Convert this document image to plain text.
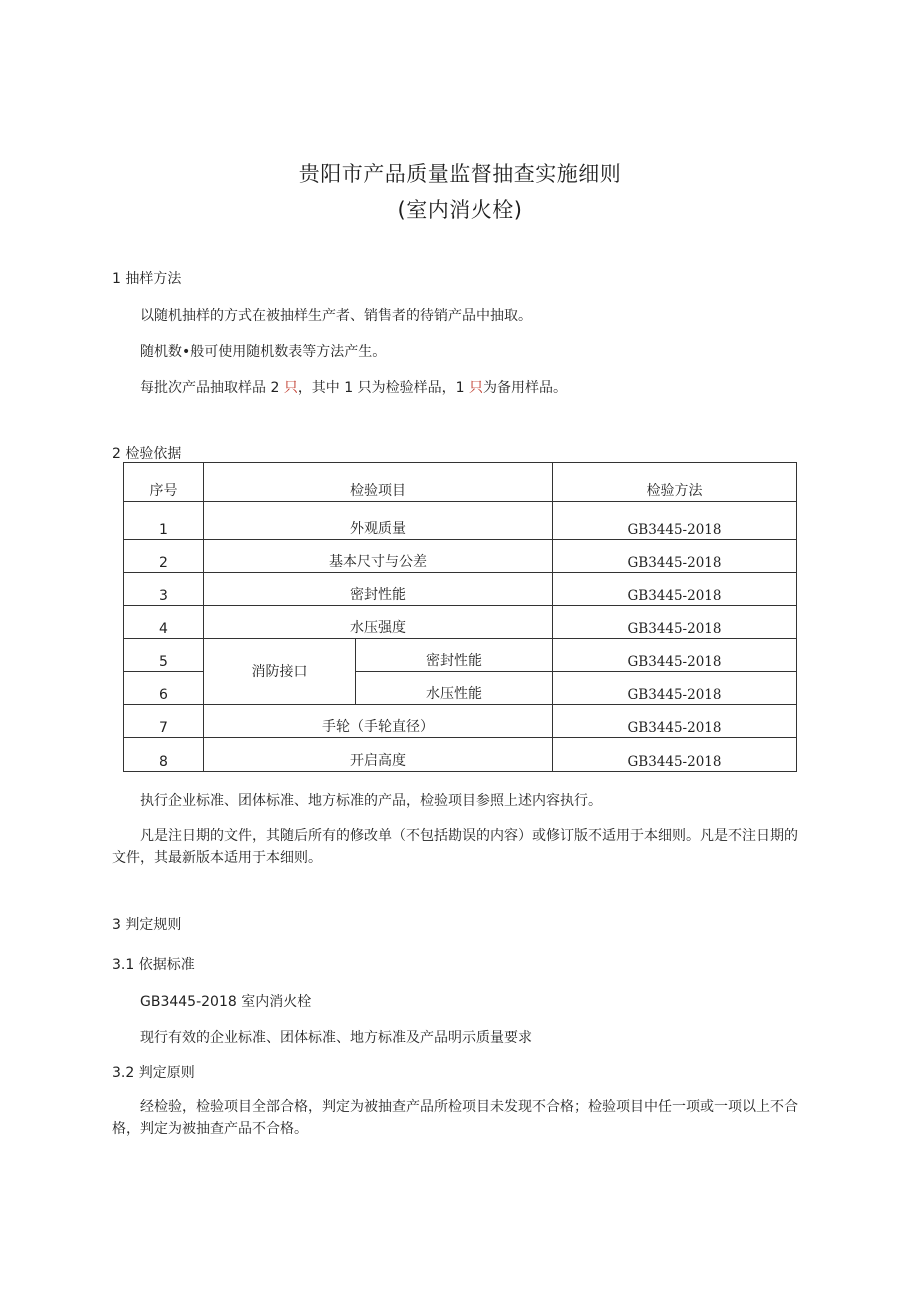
贵阳市产品质量监督抽查实施细则
(室内消火栓)
1 抽样方法
以随机抽样的方式在被抽样生产者、销售者的待销产品中抽取。
随机数•般可使用随机数表等方法产生。
每批次产品抽取样品 2 只，其中 1 只为检验样品，1 只为备用样品。
2 检验依据
序号	检验项目		检验方法
1	外观质量		GB3445-2018
2	基本尺寸与公差		GB3445-2018
3	密封性能		GB3445-2018
4	水压强度		GB3445-2018
5	消防接口	密封性能	GB3445-2018
6		水压性能	GB3445-2018
7	手轮（手轮直径）		GB3445-2018
8	开启高度		GB3445-2018
执行企业标准、团体标准、地方标准的产品，检验项目参照上述内容执行。
凡是注日期的文件，其随后所有的修改单（不包括勘误的内容）或修订版不适用于本细则。凡是不注日期的文件，其最新版本适用于本细则。
3 判定规则
3.1 依据标准
GB3445-2018 室内消火栓
现行有效的企业标准、团体标准、地方标准及产品明示质量要求
3.2 判定原则
经检验，检验项目全部合格，判定为被抽查产品所检项目未发现不合格；检验项目中任一项或一项以上不合格，判定为被抽查产品不合格。
